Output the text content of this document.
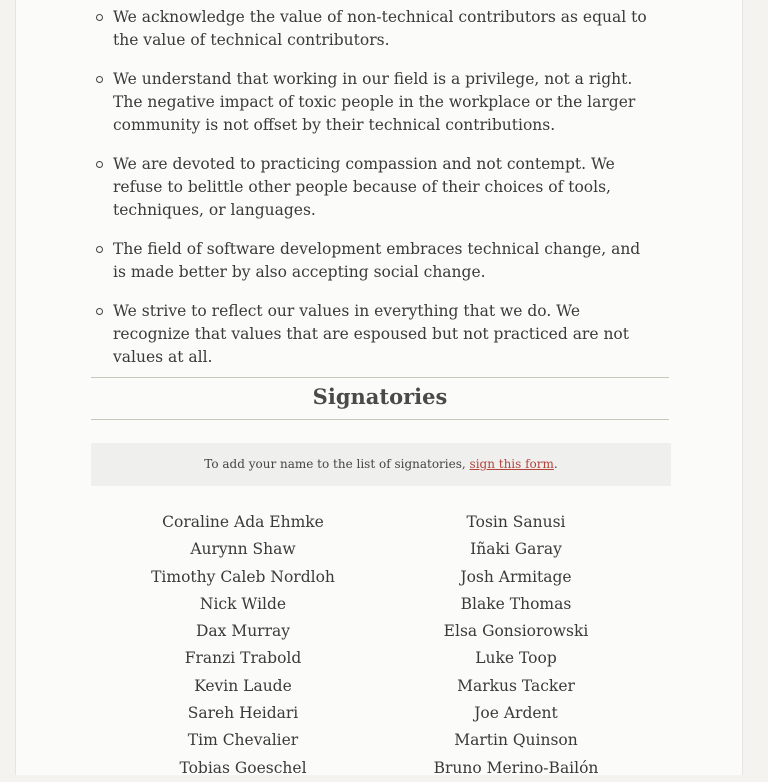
We acknowledge the value of non-technical contributors as equal to the value of technical contributors.
We understand that working in our field is a privilege, not a right. The negative impact of toxic people in the workplace or the larger community is not offset by their technical contributions.
We are devoted to practicing compassion and not contempt. We refuse to belittle other people because of their choices of tools, techniques, or languages.
The field of software development embraces technical change, and is made better by also accepting social change.
We strive to reflect our values in everything that we do. We recognize that values that are espoused but not practiced are not values at all.
Signatories
To add your name to the list of signatories, sign this form.
Coraline Ada Ehmke
Aurynn Shaw
Timothy Caleb Nordloh
Nick Wilde
Dax Murray
Franzi Trabold
Kevin Laude
Sareh Heidari
Tim Chevalier
Tobias Goeschel
Tosin Sanusi
Iñaki Garay
Josh Armitage
Blake Thomas
Elsa Gonsiorowski
Luke Toop
Markus Tacker
Joe Ardent
Martin Quinson
Bruno Merino-Bailón
